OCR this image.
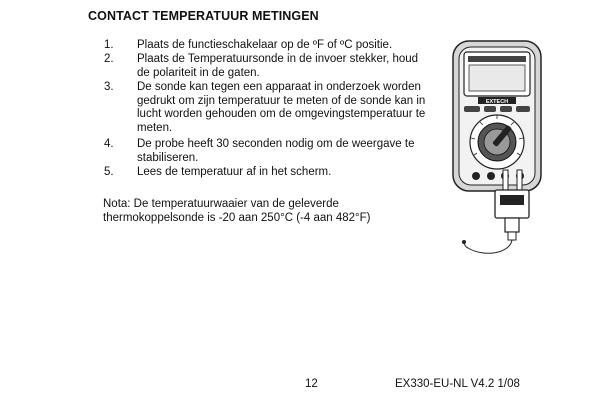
CONTACT TEMPERATUUR METINGEN
1. Plaats de functieschakelaar op de ºF of ºC positie.
2. Plaats de Temperatuursonde in de invoer stekker, houd de polariteit in de gaten.
3. De sonde kan tegen een apparaat in onderzoek worden gedrukt om zijn temperatuur te meten of de sonde kan in lucht worden gehouden om de omgevingstemperatuur te meten.
4. De probe heeft 30 seconden nodig om de weergave te stabiliseren.
5. Lees de temperatuur af in het scherm.
Nota: De temperatuurwaaier van de geleverde thermokoppelsonde is -20 aan 250°C (-4 aan 482°F)
EXTECH
12	EX330-EU-NL V4.2 1/08
